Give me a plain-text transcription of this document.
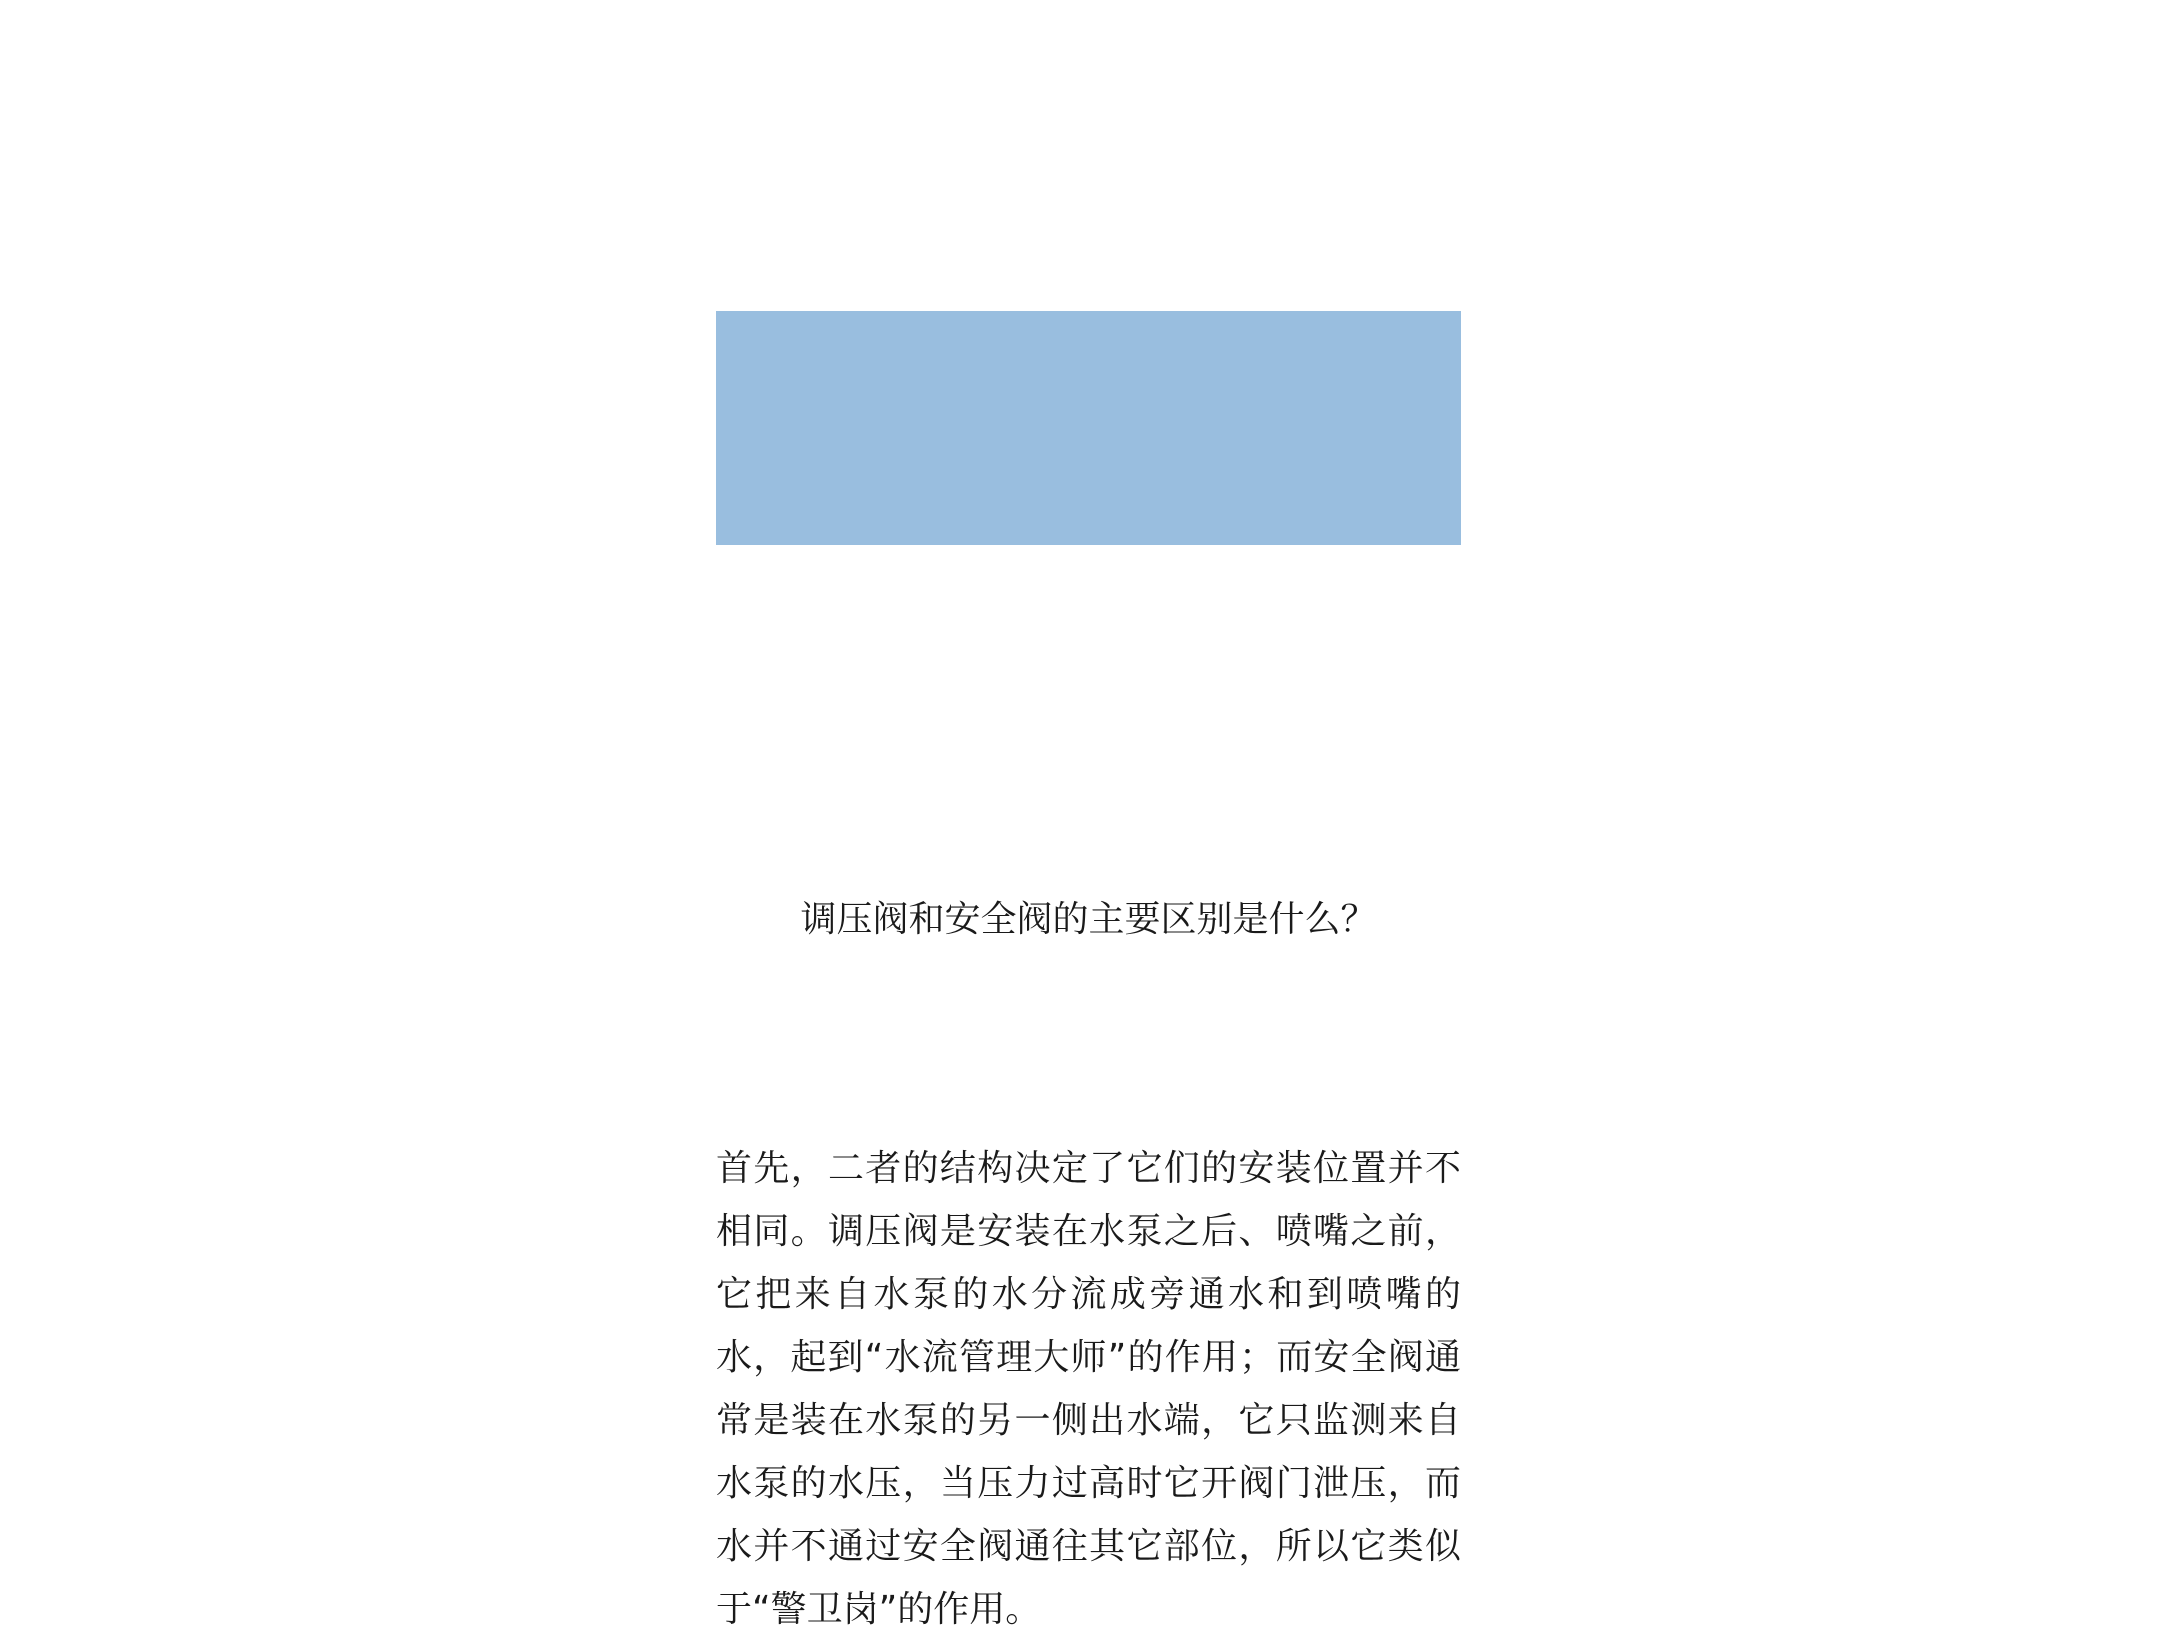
调压阀和安全阀的主要区别是什么？
首先，二者的结构决定了它们的安装位置并不相同。调压阀是安装在水泵之后、喷嘴之前，它把来自水泵的水分流成旁通水和到喷嘴的水，起到“水流管理大师”的作用；而安全阀通常是装在水泵的另一侧出水端，它只监测来自水泵的水压，当压力过高时它开阀门泄压，而水并不通过安全阀通往其它部位，所以它类似于“警卫岗”的作用。
